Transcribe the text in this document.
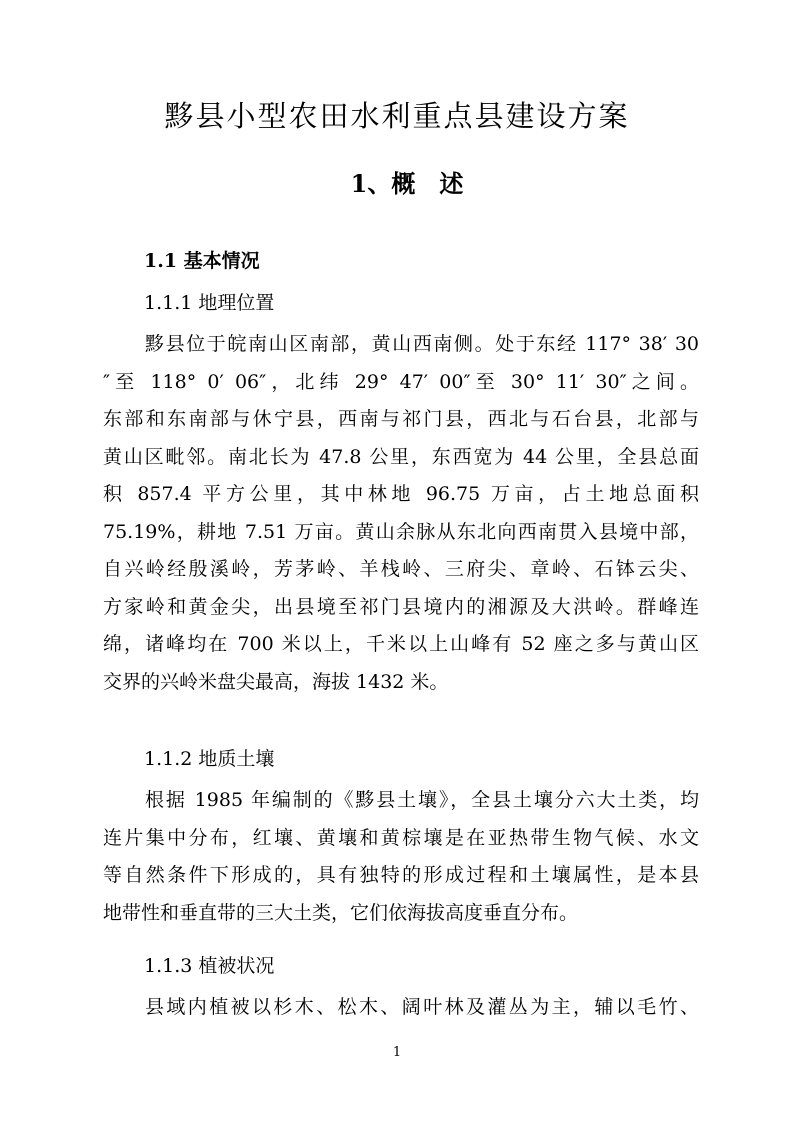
黟县小型农田水利重点县建设方案
1、概　述
1.1 基本情况
1.1.1 地理位置
黟县位于皖南山区南部，黄山西南侧。处于东经 117° 38′ 30
″至 118° 0′ 06″，北纬 29° 47′ 00″至 30° 11′ 30″之间。
东部和东南部与休宁县，西南与祁门县，西北与石台县，北部与
黄山区毗邻。南北长为 47.8 公里，东西宽为 44 公里，全县总面
积 857.4 平方公里，其中林地 96.75 万亩，占土地总面积
75.19%，耕地 7.51 万亩。黄山余脉从东北向西南贯入县境中部，
自兴岭经殷溪岭，芳茅岭、羊栈岭、三府尖、章岭、石钵云尖、
方家岭和黄金尖，出县境至祁门县境内的湘源及大洪岭。群峰连
绵，诸峰均在 700 米以上，千米以上山峰有 52 座之多与黄山区
交界的兴岭米盘尖最高，海拔 1432 米。
1.1.2 地质土壤
根据 1985 年编制的《黟县土壤》，全县土壤分六大土类，均
连片集中分布，红壤、黄壤和黄棕壤是在亚热带生物气候、水文
等自然条件下形成的，具有独特的形成过程和土壤属性，是本县
地带性和垂直带的三大土类，它们依海拔高度垂直分布。
1.1.3 植被状况
县域内植被以杉木、松木、阔叶林及灌丛为主，辅以毛竹、
1
